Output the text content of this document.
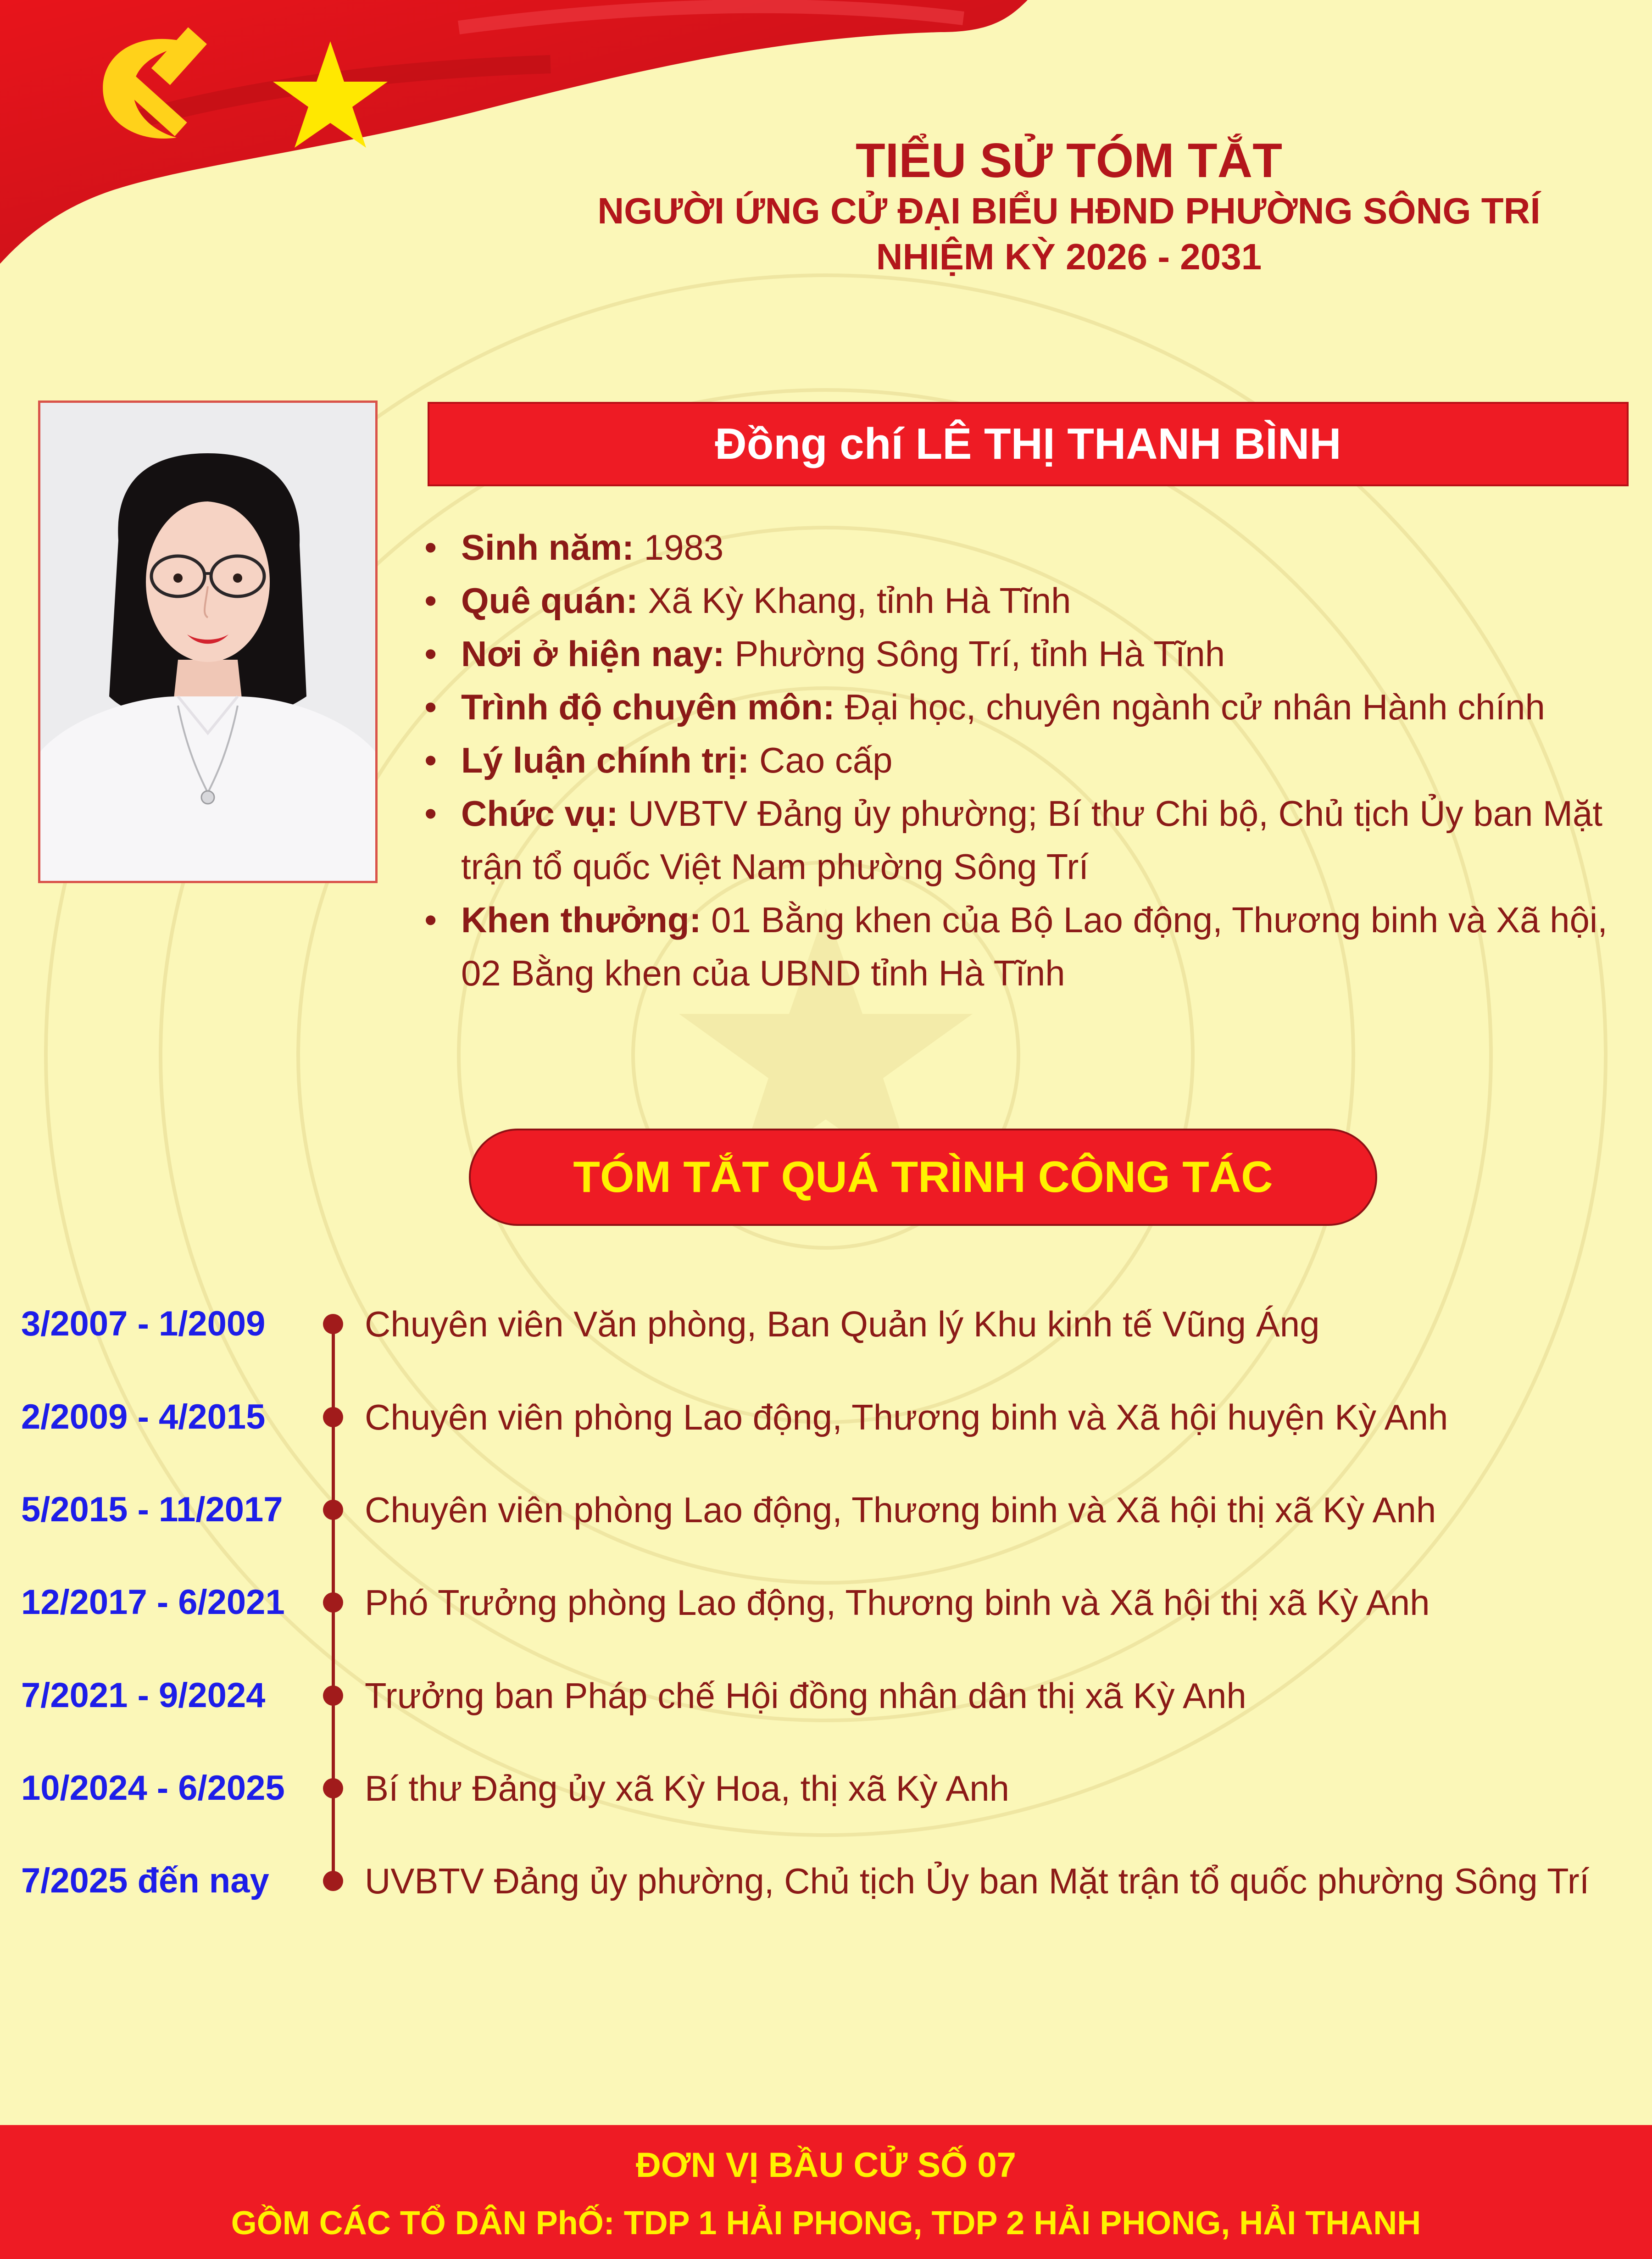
TIỂU SỬ TÓM TẮT
NGƯỜI ỨNG CỬ ĐẠI BIỂU HĐND PHƯỜNG SÔNG TRÍ
NHIỆM KỲ 2026 - 2031
Đồng chí LÊ THỊ THANH BÌNH
• Sinh năm: 1983
• Quê quán: Xã Kỳ Khang, tỉnh Hà Tĩnh
• Nơi ở hiện nay: Phường Sông Trí, tỉnh Hà Tĩnh
• Trình độ chuyên môn: Đại học, chuyên ngành cử nhân Hành chính
• Lý luận chính trị: Cao cấp
• Chức vụ: UVBTV Đảng ủy phường; Bí thư Chi bộ, Chủ tịch Ủy ban Mặt trận tổ quốc Việt Nam phường Sông Trí
• Khen thưởng: 01 Bằng khen của Bộ Lao động, Thương binh và Xã hội, 02 Bằng khen của UBND tỉnh Hà Tĩnh
TÓM TẮT QUÁ TRÌNH CÔNG TÁC
3/2007 - 1/2009	Chuyên viên Văn phòng, Ban Quản lý Khu kinh tế Vũng Áng
2/2009 - 4/2015	Chuyên viên phòng Lao động, Thương binh và Xã hội huyện Kỳ Anh
5/2015 - 11/2017 Chuyên viên phòng Lao động, Thương binh và Xã hội thị xã Kỳ Anh
12/2017 - 6/2021 Phó Trưởng phòng Lao động, Thương binh và Xã hội thị xã Kỳ Anh
7/2021 - 9/2024	Trưởng ban Pháp chế Hội đồng nhân dân thị xã Kỳ Anh
10/2024 - 6/2025 Bí thư Đảng ủy xã Kỳ Hoa, thị xã Kỳ Anh
7/2025 đến nay	UVBTV Đảng ủy phường, Chủ tịch Ủy ban Mặt trận tổ quốc phường Sông Trí
ĐƠN VỊ BẦU CỬ SỐ 07
GỒM CÁC TỔ DÂN PhỐ: TDP 1 HẢI PHONG, TDP 2 HẢI PHONG, HẢI THANH
